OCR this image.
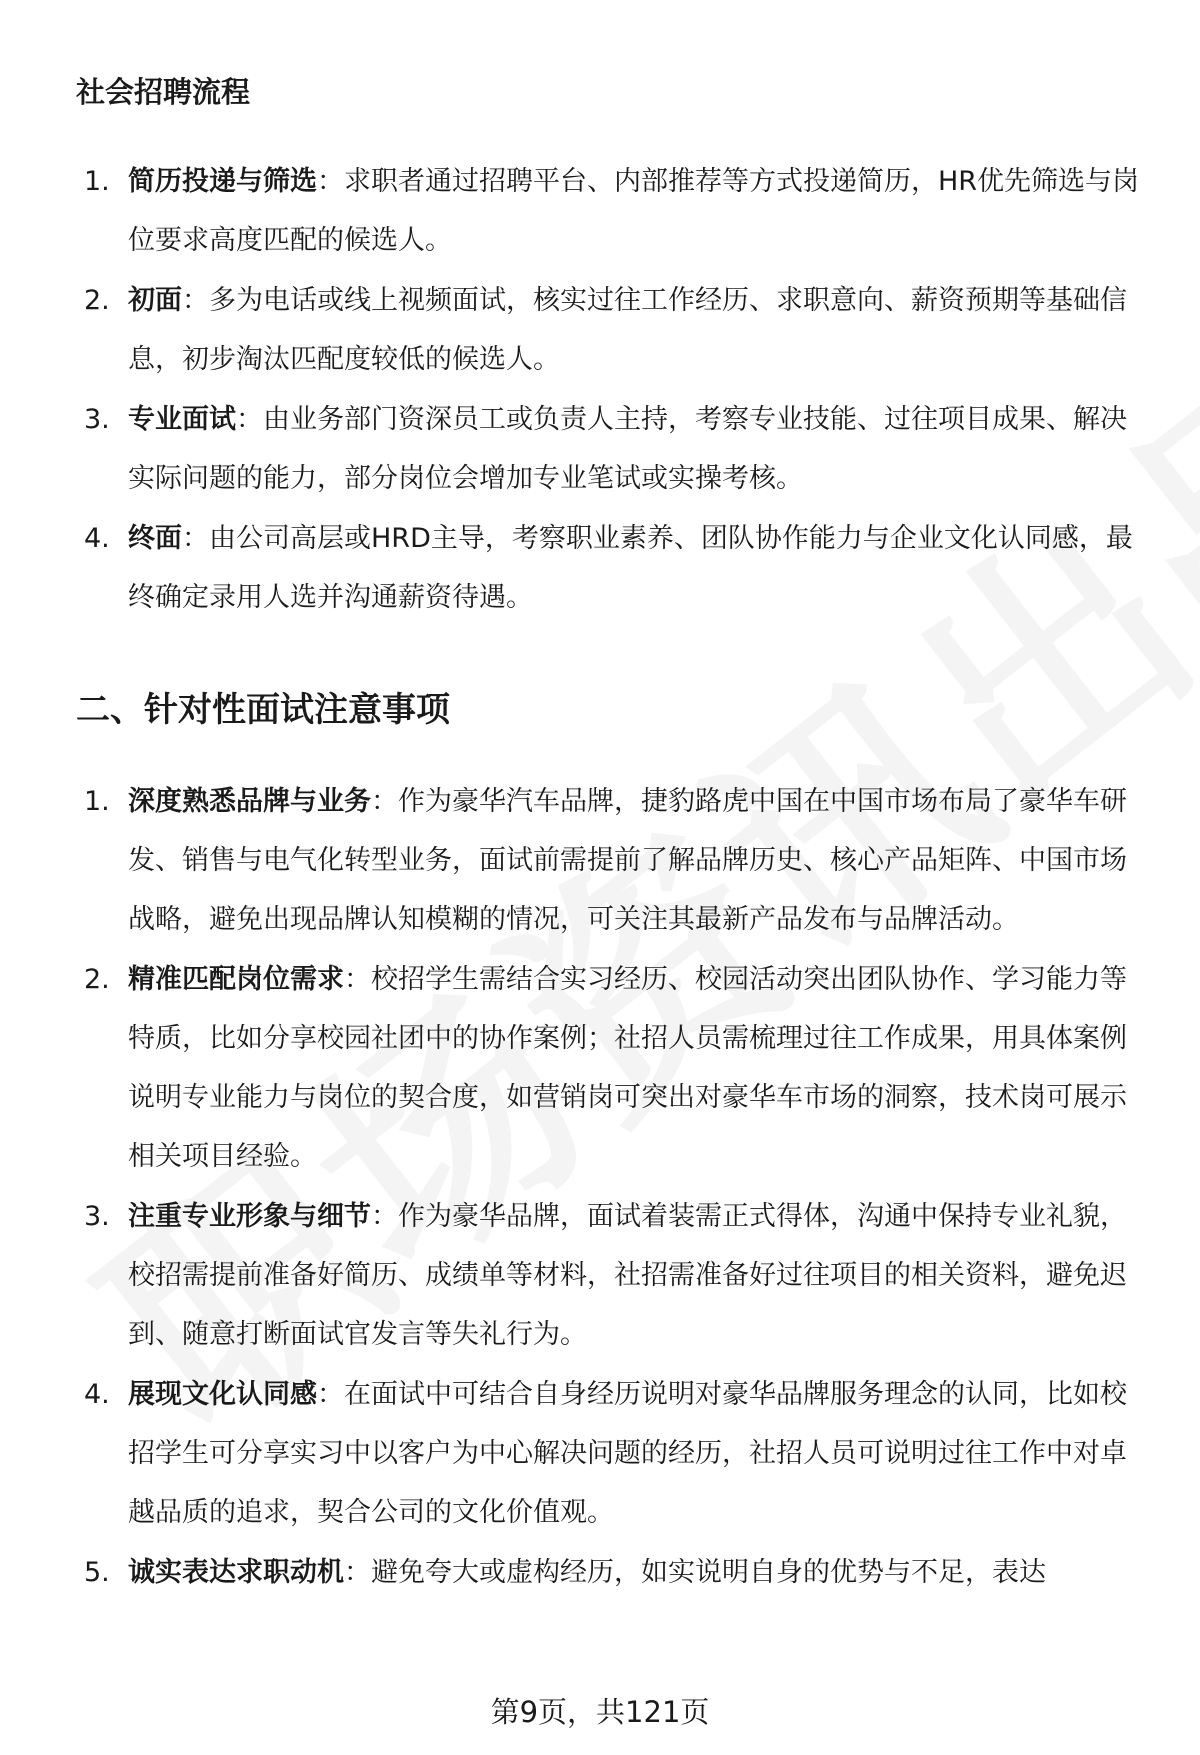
社会招聘流程
1. 简历投递与筛选：求职者通过招聘平台、内部推荐等方式投递简历，HR优先筛选与岗位要求高度匹配的候选人。
2. 初面：多为电话或线上视频面试，核实过往工作经历、求职意向、薪资预期等基础信息，初步淘汰匹配度较低的候选人。
3. 专业面试：由业务部门资深员工或负责人主持，考察专业技能、过往项目成果、解决实际问题的能力，部分岗位会增加专业笔试或实操考核。
4. 终面：由公司高层或HRD主导，考察职业素养、团队协作能力与企业文化认同感，最终确定录用人选并沟通薪资待遇。
二、针对性面试注意事项
1. 深度熟悉品牌与业务：作为豪华汽车品牌，捷豹路虎中国在中国市场布局了豪华车研发、销售与电气化转型业务，面试前需提前了解品牌历史、核心产品矩阵、中国市场战略，避免出现品牌认知模糊的情况，可关注其最新产品发布与品牌活动。
2. 精准匹配岗位需求：校招学生需结合实习经历、校园活动突出团队协作、学习能力等特质，比如分享校园社团中的协作案例；社招人员需梳理过往工作成果，用具体案例说明专业能力与岗位的契合度，如营销岗可突出对豪华车市场的洞察，技术岗可展示相关项目经验。
3. 注重专业形象与细节：作为豪华品牌，面试着装需正式得体，沟通中保持专业礼貌，校招需提前准备好简历、成绩单等材料，社招需准备好过往项目的相关资料，避免迟到、随意打断面试官发言等失礼行为。
4. 展现文化认同感：在面试中可结合自身经历说明对豪华品牌服务理念的认同，比如校招学生可分享实习中以客户为中心解决问题的经历，社招人员可说明过往工作中对卓越品质的追求，契合公司的文化价值观。
5. 诚实表达求职动机：避免夸大或虚构经历，如实说明自身的优势与不足，表达
第9页，共121页
